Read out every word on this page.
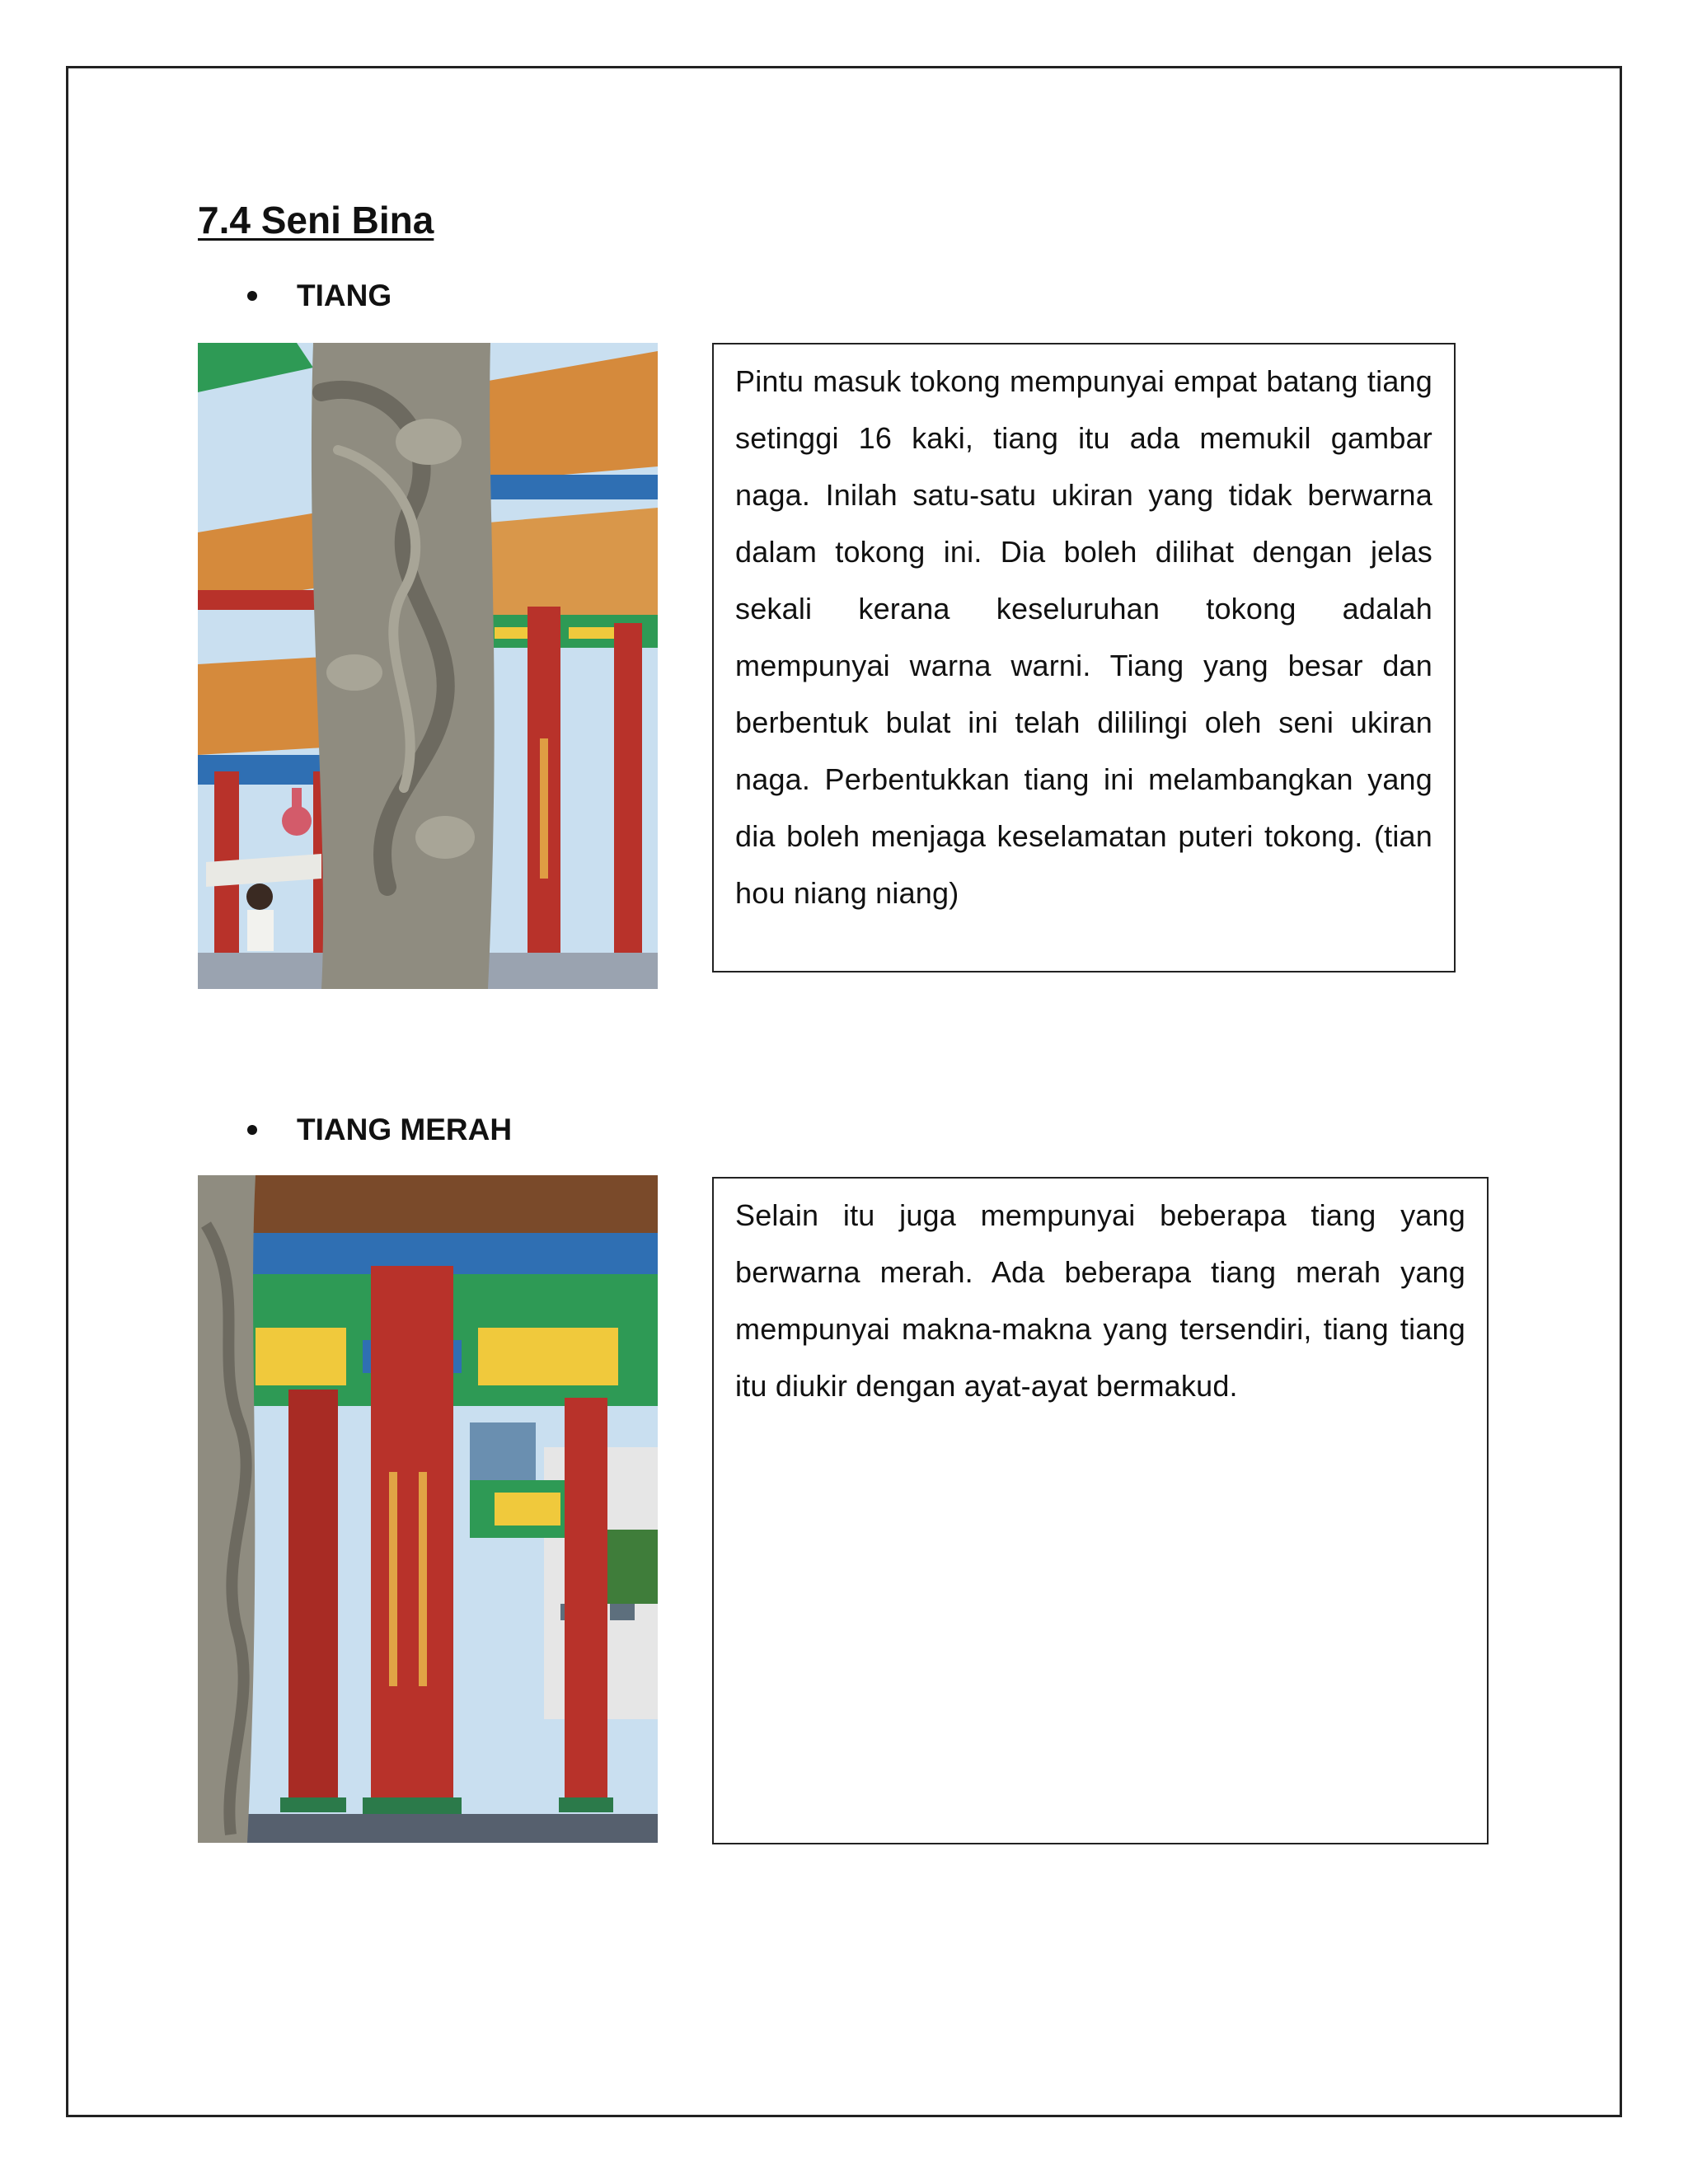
7.4 Seni Bina
TIANG

Pintu masuk tokong mempunyai empat batang tiang setinggi 16 kaki, tiang itu ada memukil gambar naga. Inilah satu-satu ukiran yang tidak berwarna dalam tokong ini. Dia boleh dilihat dengan jelas sekali kerana keseluruhan tokong adalah mempunyai warna warni. Tiang yang besar dan berbentuk bulat ini telah dililingi oleh seni ukiran naga. Perbentukkan tiang ini melambangkan yang dia boleh menjaga keselamatan puteri tokong. (tian hou niang niang)

TIANG MERAH

Selain itu juga mempunyai beberapa tiang yang berwarna merah. Ada beberapa tiang merah yang mempunyai makna-makna yang tersendiri, tiang tiang itu diukir dengan ayat-ayat bermakud.
